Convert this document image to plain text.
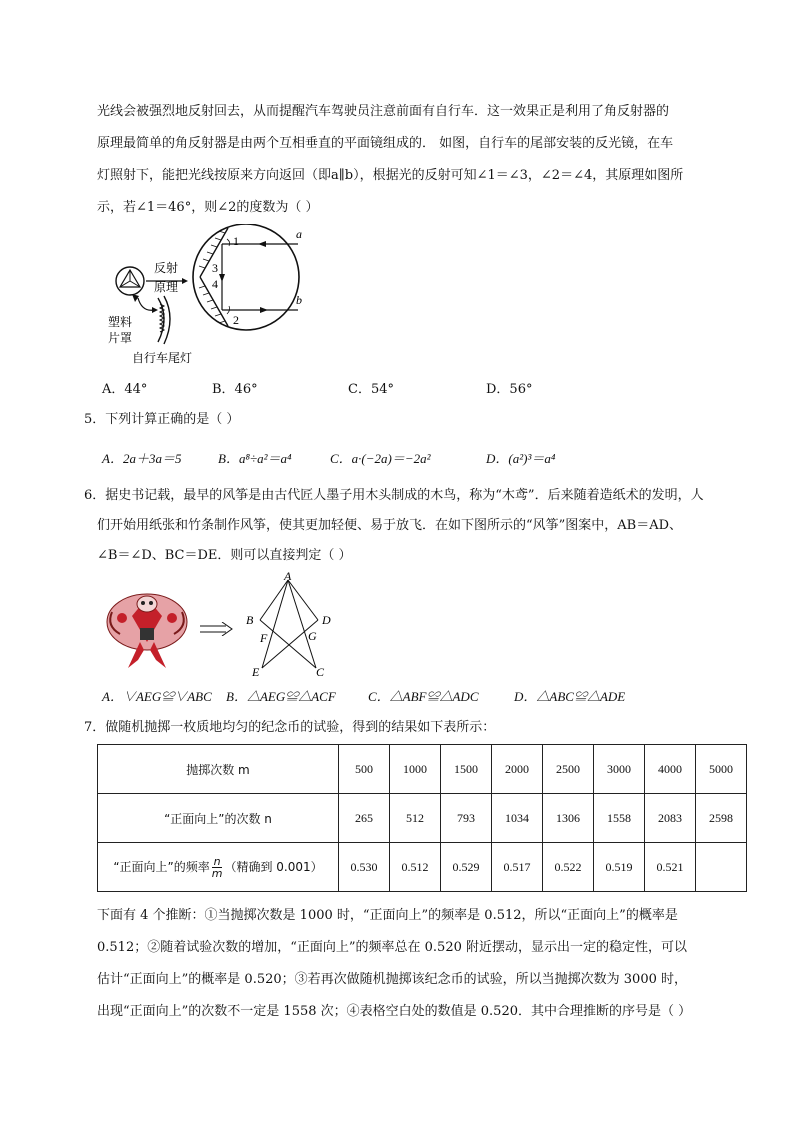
光线会被强烈地反射回去，从而提醒汽车驾驶员注意前面有自行车．这一效果正是利用了角反射器的
原理最简单的角反射器是由两个互相垂直的平面镜组成的． 如图，自行车的尾部安装的反光镜，在车
灯照射下，能把光线按原来方向返回（即a∥b），根据光的反射可知∠1＝∠3，∠2＝∠4，其原理如图所
示，若∠1＝46°，则∠2的度数为（ ）
1
2
3
4
a
b
反射
原理
塑料
片罩
自行车尾灯
A．44°	B．46°	C．54°	D．56°
5．下列计算正确的是（ ）
A．2a＋3a＝5	B．a⁸÷a²＝a⁴	C．a·(−2a)＝−2a²	D．(a²)³＝a⁴
6．据史书记载，最早的风筝是由古代匠人墨子用木头制成的木鸟，称为“木鸢”．后来随着造纸术的发明，人
们开始用纸张和竹条制作风筝，使其更加轻便、易于放飞．在如下图所示的“风筝”图案中，AB＝AD、
∠B＝∠D、BC＝DE．则可以直接判定（ ）
A
B	D
F	G
E	C
A．∨AEG≌∨ABC B．△AEG≌△ACF C．△ABF≌△ADC	D．△ABC≌△ADE
7．做随机抛掷一枚质地均匀的纪念币的试验，得到的结果如下表所示：
抛掷次数 m	500	1000	1500	2000	2500	3000	4000	5000
“正面向上”的次数 n	265	512	793	1034	1306	1558	2083	2598
“正面向上”的频率 $\frac{n}{m}$ （精确到 0.001）	0.530	0.512	0.529	0.517	0.522	0.519	0.521	
下面有 4 个推断：①当抛掷次数是 1000 时，“正面向上”的频率是 0.512，所以“正面向上”的概率是
0.512；②随着试验次数的增加，“正面向上”的频率总在 0.520 附近摆动，显示出一定的稳定性，可以
估计“正面向上”的概率是 0.520；③若再次做随机抛掷该纪念币的试验，所以当抛掷次数为 3000 时，
出现“正面向上”的次数不一定是 1558 次；④表格空白处的数值是 0.520．其中合理推断的序号是（ ）
